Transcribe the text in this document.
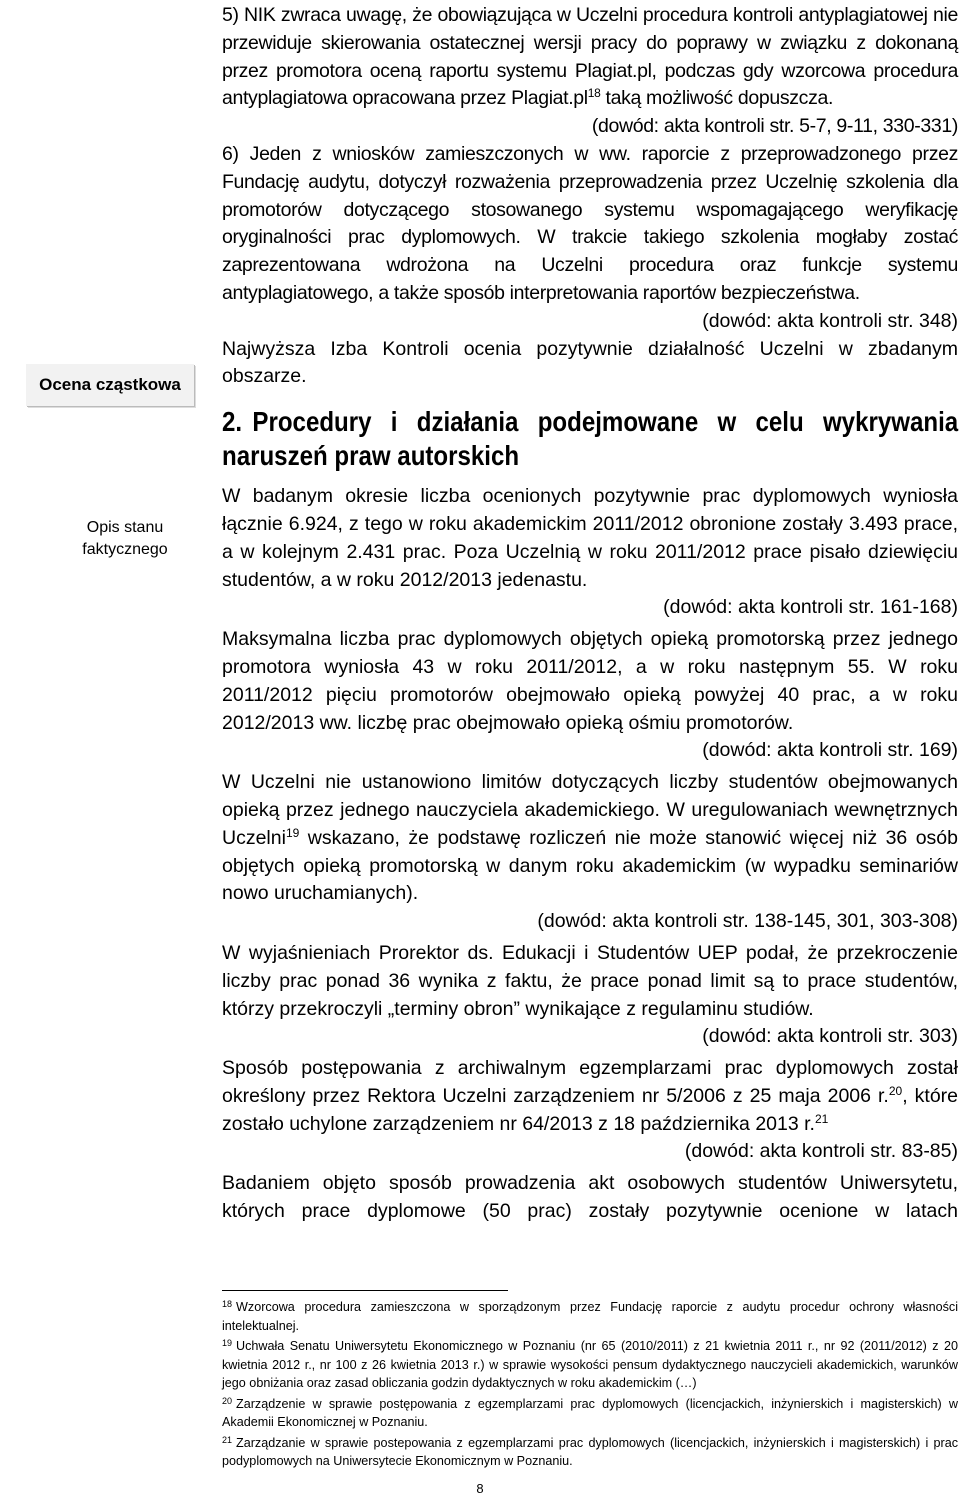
Ocena cząstkowa
Opis stanu
faktycznego

5) NIK zwraca uwagę, że obowiązująca w Uczelni procedura kontroli antyplagiatowej nie przewiduje skierowania ostatecznej wersji pracy do poprawy w związku z dokonaną przez promotora oceną raportu systemu Plagiat.pl, podczas gdy wzorcowa procedura antyplagiatowa opracowana przez $Plagiat.pl^{18}$ taką możliwość dopuszcza.

(dowód: akta kontroli str. 5-7, 9-11, 330-331)

6) Jeden z wniosków zamieszczonych w ww. raporcie z przeprowadzonego przez Fundację audytu, dotyczył rozważenia przeprowadzenia przez Uczelnię szkolenia dla promotorów dotyczącego stosowanego systemu wspomagającego weryfikację oryginalności prac dyplomowych. W trakcie takiego szkolenia mogłaby zostać zaprezentowana wdrożona na Uczelni procedura oraz funkcje systemu antyplagiatowego, a także sposób interpretowania raportów bezpieczeństwa.

(dowód: akta kontroli str. 348)

Najwyższa Izba Kontroli ocenia pozytywnie działalność Uczelni w zbadanym obszarze.

2. Procedury i działania podejmowane w celu wykrywania naruszeń praw autorskich

W badanym okresie liczba ocenionych pozytywnie prac dyplomowych wyniosła łącznie 6.924, z tego w roku akademickim 2011/2012 obronione zostały 3.493 prace, a w kolejnym 2.431 prac. Poza Uczelnią w roku 2011/2012 prace pisało dziewięciu studentów, a w roku 2012/2013 jedenastu.

(dowód: akta kontroli str. 161-168)

Maksymalna liczba prac dyplomowych objętych opieką promotorską przez jednego promotora wyniosła 43 w roku 2011/2012, a w roku następnym 55. W roku 2011/2012 pięciu promotorów obejmowało opieką powyżej 40 prac, a w roku 2012/2013 ww. liczbę prac obejmowało opieką ośmiu promotorów.

(dowód: akta kontroli str. 169)

W Uczelni nie ustanowiono limitów dotyczących liczby studentów obejmowanych opieką przez jednego nauczyciela akademickiego. W uregulowaniach wewnętrznych Uczelni$^{19}$ wskazano, że podstawę rozliczeń nie może stanowić więcej niż 36 osób objętych opieką promotorską w danym roku akademickim (w wypadku seminariów nowo uruchamianych).

(dowód: akta kontroli str. 138-145, 301, 303-308)

W wyjaśnieniach Prorektor ds. Edukacji i Studentów UEP podał, że przekroczenie liczby prac ponad 36 wynika z faktu, że prace ponad limit są to prace studentów, którzy przekroczyli „terminy obron” wynikające z regulaminu studiów.

(dowód: akta kontroli str. 303)

Sposób postępowania z archiwalnym egzemplarzami prac dyplomowych został określony przez Rektora Uczelni zarządzeniem nr 5/2006 z 25 maja 2006 r.$^{20}$, które zostało uchylone zarządzeniem nr 64/2013 z 18 października 2013 r.$^{21}$

(dowód: akta kontroli str. 83-85)

Badaniem objęto sposób prowadzenia akt osobowych studentów Uniwersytetu, których prace dyplomowe (50 prac) zostały pozytywnie ocenione w latach

$^{18}$ Wzorcowa procedura zamieszczona w sporządzonym przez Fundację raporcie z audytu procedur ochrony własności intelektualnej.

$^{19}$ Uchwała Senatu Uniwersytetu Ekonomicznego w Poznaniu (nr 65 (2010/2011) z 21 kwietnia 2011 r., nr 92 (2011/2012) z 20 kwietnia 2012 r., nr 100 z 26 kwietnia 2013 r.) w sprawie wysokości pensum dydaktycznego nauczycieli akademickich, warunków jego obniżania oraz zasad obliczania godzin dydaktycznych w roku akademickim (…)

$^{20}$ Zarządzenie w sprawie postępowania z egzemplarzami prac dyplomowych (licencjackich, inżynierskich i magisterskich) w Akademii Ekonomicznej w Poznaniu.

$^{21}$ Zarządzanie w sprawie postepowania z egzemplarzami prac dyplomowych (licencjackich, inżynierskich i magisterskich) i prac podyplomowych na Uniwersytecie Ekonomicznym w Poznaniu.

8
